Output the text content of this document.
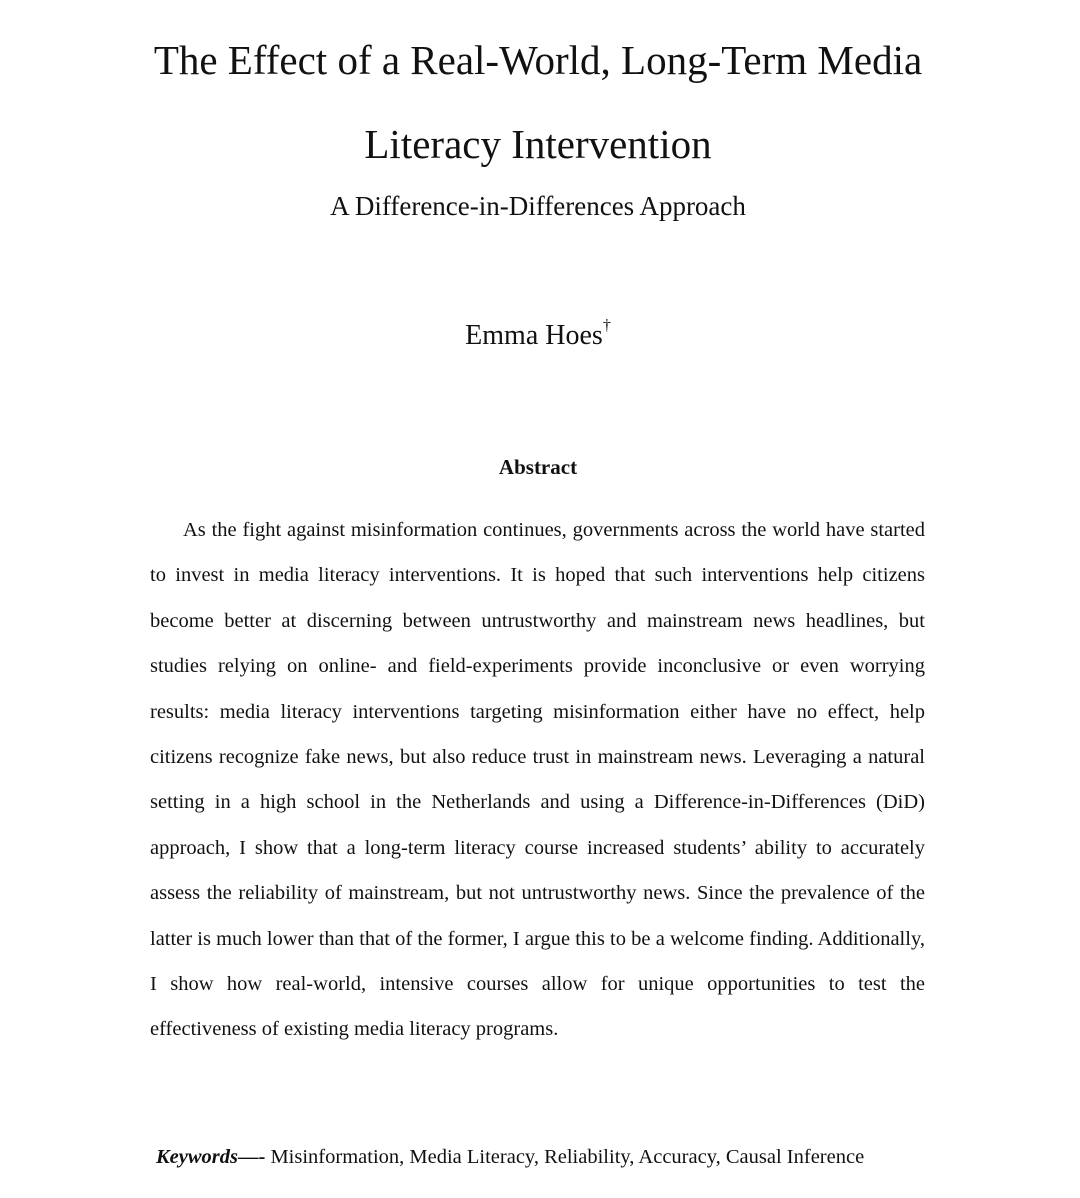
The Effect of a Real-World, Long-Term Media
Literacy Intervention
A Difference-in-Differences Approach
Emma Hoes†
Abstract

As the fight against misinformation continues, governments across the world have started to invest in media literacy interventions. It is hoped that such interventions help citizens become better at discerning between untrustworthy and mainstream news headlines, but studies relying on online- and field-experiments provide inconclusive or even worrying results: media literacy interventions targeting misinformation either have no effect, help citizens recognize fake news, but also reduce trust in mainstream news. Leveraging a natural setting in a high school in the Netherlands and using a Difference-in-Differences (DiD) approach, I show that a long-term literacy course increased students’ ability to accurately assess the reliability of mainstream, but not untrustworthy news. Since the prevalence of the latter is much lower than that of the former, I argue this to be a welcome finding. Additionally, I show how real-world, intensive courses allow for unique opportunities to test the effectiveness of existing media literacy programs.

Keywords—- Misinformation, Media Literacy, Reliability, Accuracy, Causal Inference
